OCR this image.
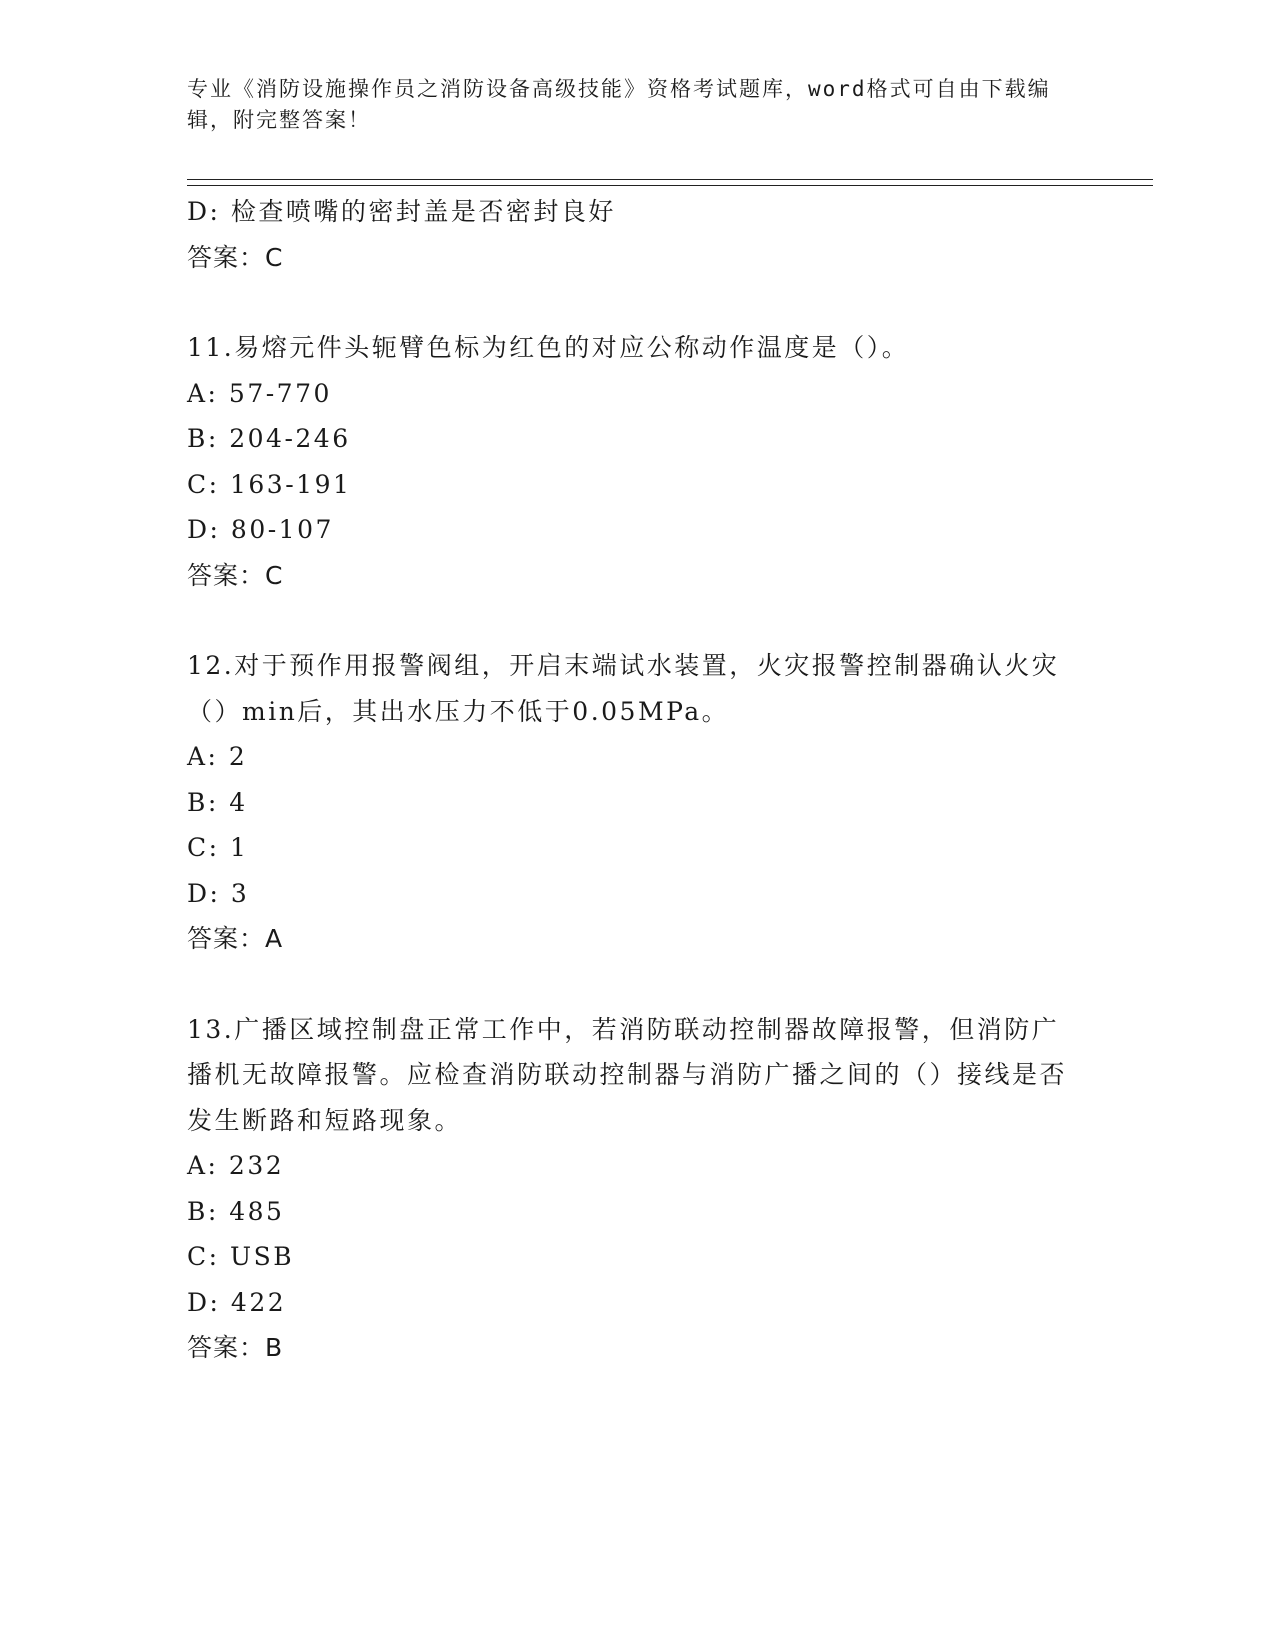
专业《消防设施操作员之消防设备高级技能》资格考试题库，word格式可自由下载编辑，附完整答案！
D: 检查喷嘴的密封盖是否密封良好
答案：C
11.易熔元件头轭臂色标为红色的对应公称动作温度是（）。
A: 57-770
B: 204-246
C: 163-191
D: 80-107
答案：C
12.对于预作用报警阀组，开启末端试水装置，火灾报警控制器确认火灾（）min后，其出水压力不低于0.05MPa。
A: 2
B: 4
C: 1
D: 3
答案：A
13.广播区域控制盘正常工作中，若消防联动控制器故障报警，但消防广播机无故障报警。应检查消防联动控制器与消防广播之间的（）接线是否发生断路和短路现象。
A: 232
B: 485
C: USB
D: 422
答案：B
